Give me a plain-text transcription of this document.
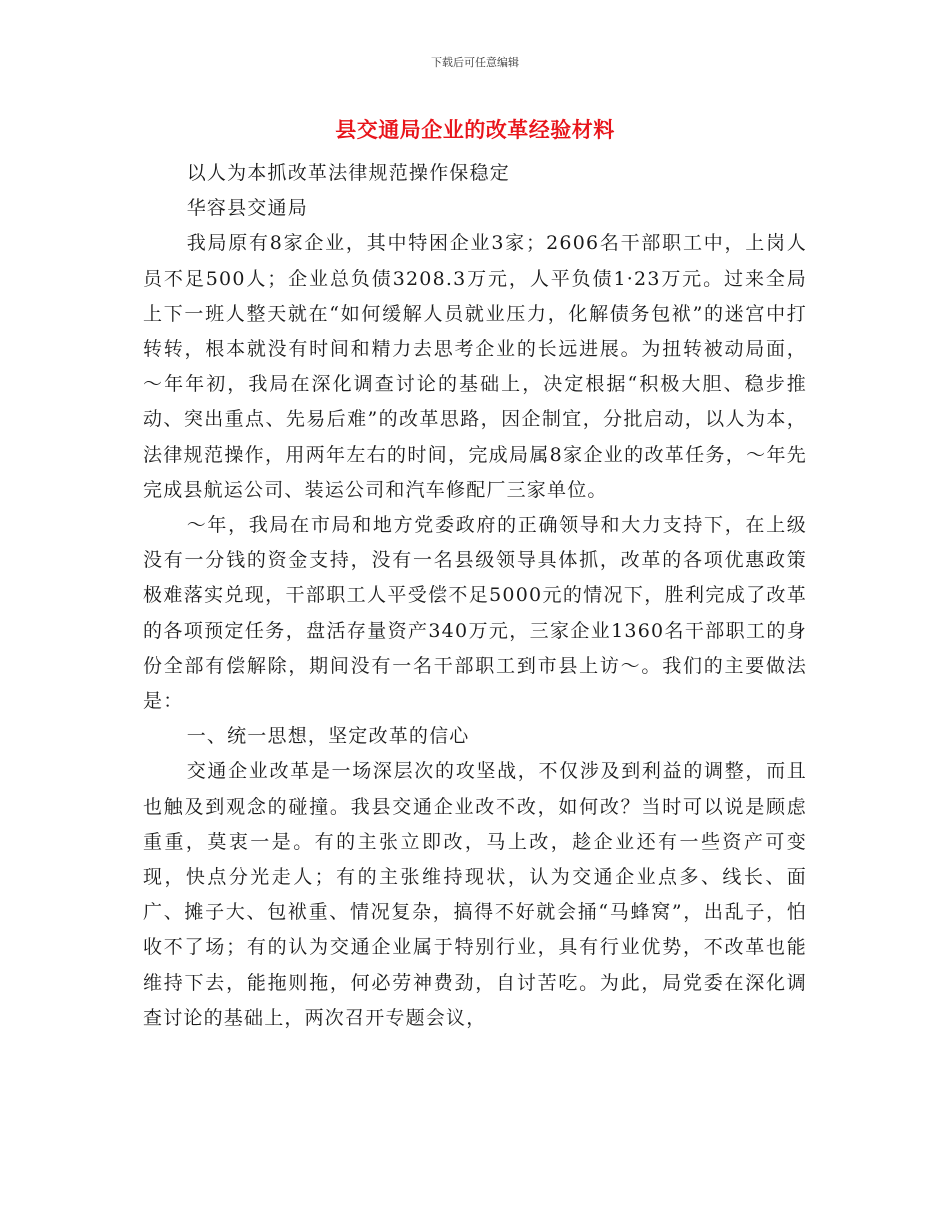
下载后可任意编辑
县交通局企业的改革经验材料

以人为本抓改革法律规范操作保稳定

华容县交通局

我局原有8家企业，其中特困企业3家；2606名干部职工中，上岗人员不足500人；企业总负债3208.3万元，人平负债1·23万元。过来全局上下一班人整天就在“如何缓解人员就业压力，化解债务包袱”的迷宫中打转转，根本就没有时间和精力去思考企业的长远进展。为扭转被动局面，～年年初，我局在深化调查讨论的基础上，决定根据“积极大胆、稳步推动、突出重点、先易后难”的改革思路，因企制宜，分批启动，以人为本，法律规范操作，用两年左右的时间，完成局属8家企业的改革任务，～年先完成县航运公司、装运公司和汽车修配厂三家单位。

～年，我局在市局和地方党委政府的正确领导和大力支持下，在上级没有一分钱的资金支持，没有一名县级领导具体抓，改革的各项优惠政策极难落实兑现，干部职工人平受偿不足5000元的情况下，胜利完成了改革的各项预定任务，盘活存量资产340万元，三家企业1360名干部职工的身份全部有偿解除，期间没有一名干部职工到市县上访～。我们的主要做法是：

一、统一思想，坚定改革的信心

交通企业改革是一场深层次的攻坚战，不仅涉及到利益的调整，而且也触及到观念的碰撞。我县交通企业改不改，如何改？当时可以说是顾虑重重，莫衷一是。有的主张立即改，马上改，趁企业还有一些资产可变现，快点分光走人；有的主张维持现状，认为交通企业点多、线长、面广、摊子大、包袱重、情况复杂，搞得不好就会捅“马蜂窝”，出乱子，怕收不了场；有的认为交通企业属于特别行业，具有行业优势，不改革也能维持下去，能拖则拖，何必劳神费劲，自讨苦吃。为此，局党委在深化调查讨论的基础上，两次召开专题会议，
